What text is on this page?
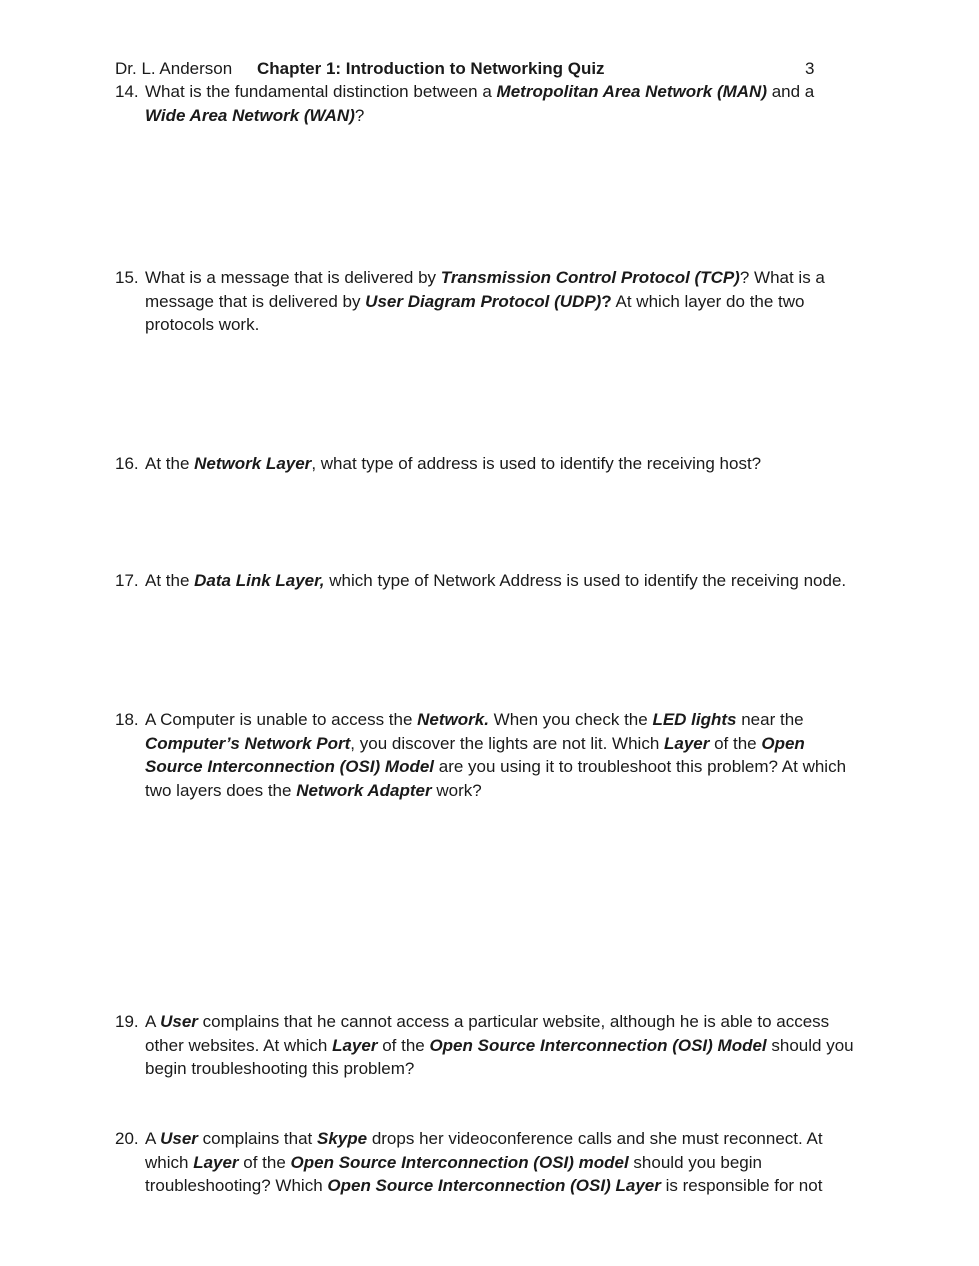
Dr. L. Anderson Chapter 1: Introduction to Networking Quiz	3
14. What is the fundamental distinction between a Metropolitan Area Network (MAN) and a Wide Area Network (WAN)?
15. What is a message that is delivered by Transmission Control Protocol (TCP)? What is a message that is delivered by User Diagram Protocol (UDP)? At which layer do the two protocols work.
16. At the Network Layer, what type of address is used to identify the receiving host?
17. At the Data Link Layer, which type of Network Address is used to identify the receiving node.
18. A Computer is unable to access the Network. When you check the LED lights near the Computer’s Network Port, you discover the lights are not lit. Which Layer of the Open Source Interconnection (OSI) Model are you using it to troubleshoot this problem? At which two layers does the Network Adapter work?
19. A User complains that he cannot access a particular website, although he is able to access other websites. At which Layer of the Open Source Interconnection (OSI) Model should you begin troubleshooting this problem?
20. A User complains that Skype drops her videoconference calls and she must reconnect. At which Layer of the Open Source Interconnection (OSI) model should you begin troubleshooting? Which Open Source Interconnection (OSI) Layer is responsible for not
